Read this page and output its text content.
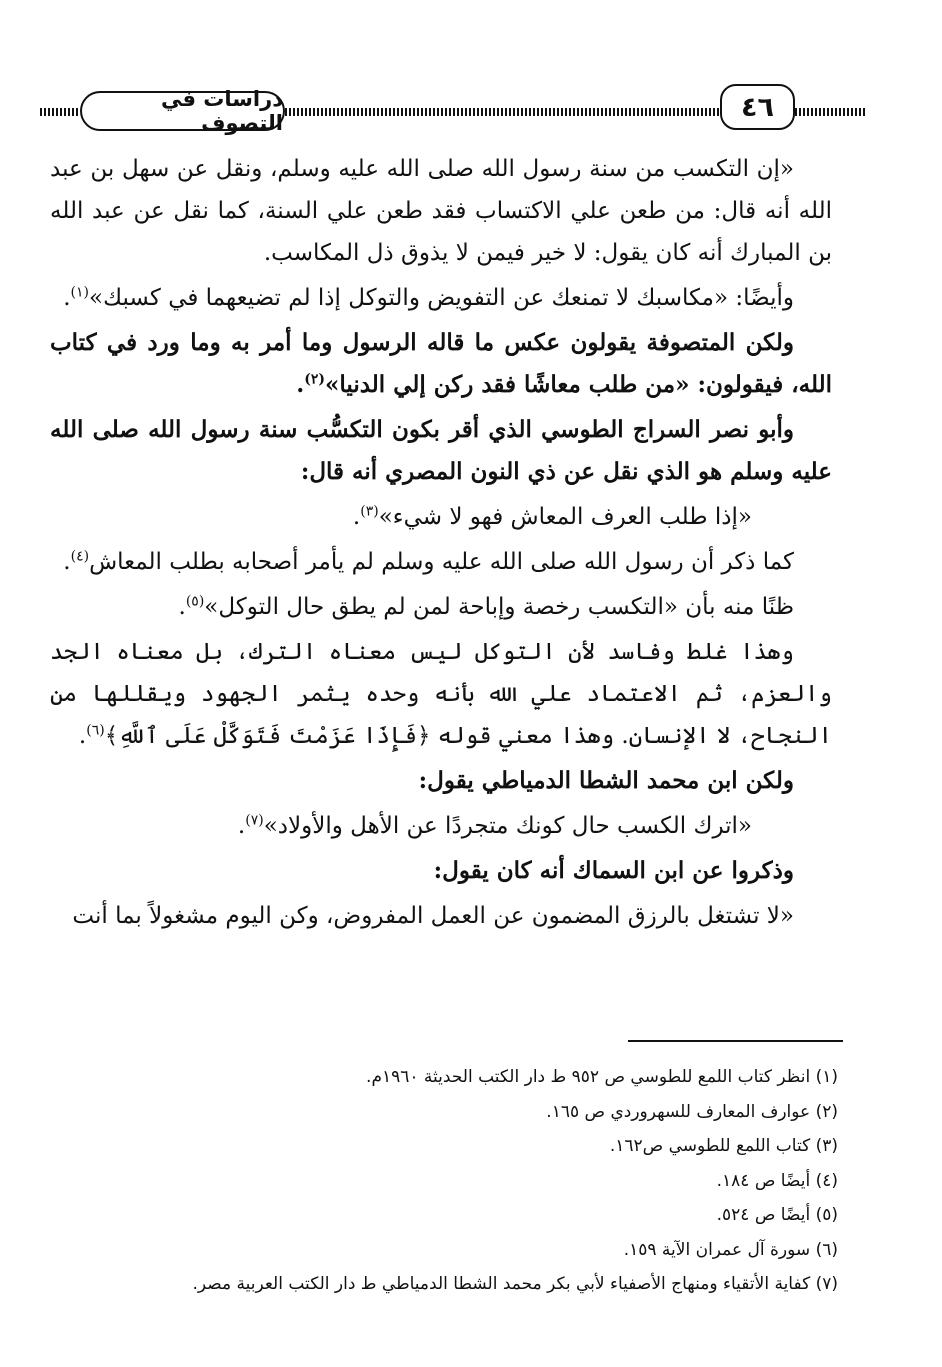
دراسات في التصوف
٤٦

«إن التكسب من سنة رسول الله صلى الله عليه وسلم، ونقل عن سهل بن عبد الله أنه قال: من طعن علي الاكتساب فقد طعن علي السنة، كما نقل عن عبد الله بن المبارك أنه كان يقول: لا خير فيمن لا يذوق ذل المكاسب.

وأيضًا: «مكاسبك لا تمنعك عن التفويض والتوكل إذا لم تضيعهما في كسبك»$^{(١)}$.

ولكن المتصوفة يقولون عكس ما قاله الرسول وما أمر به وما ورد في كتاب الله، فيقولون: «من طلب معاشًا فقد ركن إلي الدنيا»$^{(٢)}$.

وأبو نصر السراج الطوسي الذي أقر بكون التكسُّب سنة رسول الله صلى الله عليه وسلم هو الذي نقل عن ذي النون المصري أنه قال:

«إذا طلب العرف المعاش فهو لا شيء»$^{(٣)}$.

كما ذكر أن رسول الله صلى الله عليه وسلم لم يأمر أصحابه بطلب المعاش$^{(٤)}$.

ظنًا منه بأن «التكسب رخصة وإباحة لمن لم يطق حال التوكل»$^{(٥)}$.

وهذا غلط وفاسد لأن التوكل ليس معناه الترك، بل معناه الجد والعزم، ثم الاعتماد علي الله بأنه وحده يثمر الجهود ويقللها من النجاح، لا الإنسان. وهذا معني قوله ﴿فَإِذَا عَزَمْتَ فَتَوَكَّلْ عَلَى ٱللَّهِ﴾$^{(٦)}$.

ولكن ابن محمد الشطا الدمياطي يقول:

«اترك الكسب حال كونك متجردًا عن الأهل والأولاد»$^{(٧)}$.

وذكروا عن ابن السماك أنه كان يقول:

«لا تشتغل بالرزق المضمون عن العمل المفروض، وكن اليوم مشغولاً بما أنت

(١) انظر كتاب اللمع للطوسي ص ٩٥٢ ط دار الكتب الحديثة ١٩٦٠م.

(٢) عوارف المعارف للسهروردي ص ١٦٥.

(٣) كتاب اللمع للطوسي ص١٦٢.

(٤) أيضًا ص ١٨٤.

(٥) أيضًا ص ٥٢٤.

(٦) سورة آل عمران الآية ١٥٩.

(٧) كفاية الأتقياء ومنهاج الأصفياء لأبي بكر محمد الشطا الدمياطي ط دار الكتب العربية مصر.
